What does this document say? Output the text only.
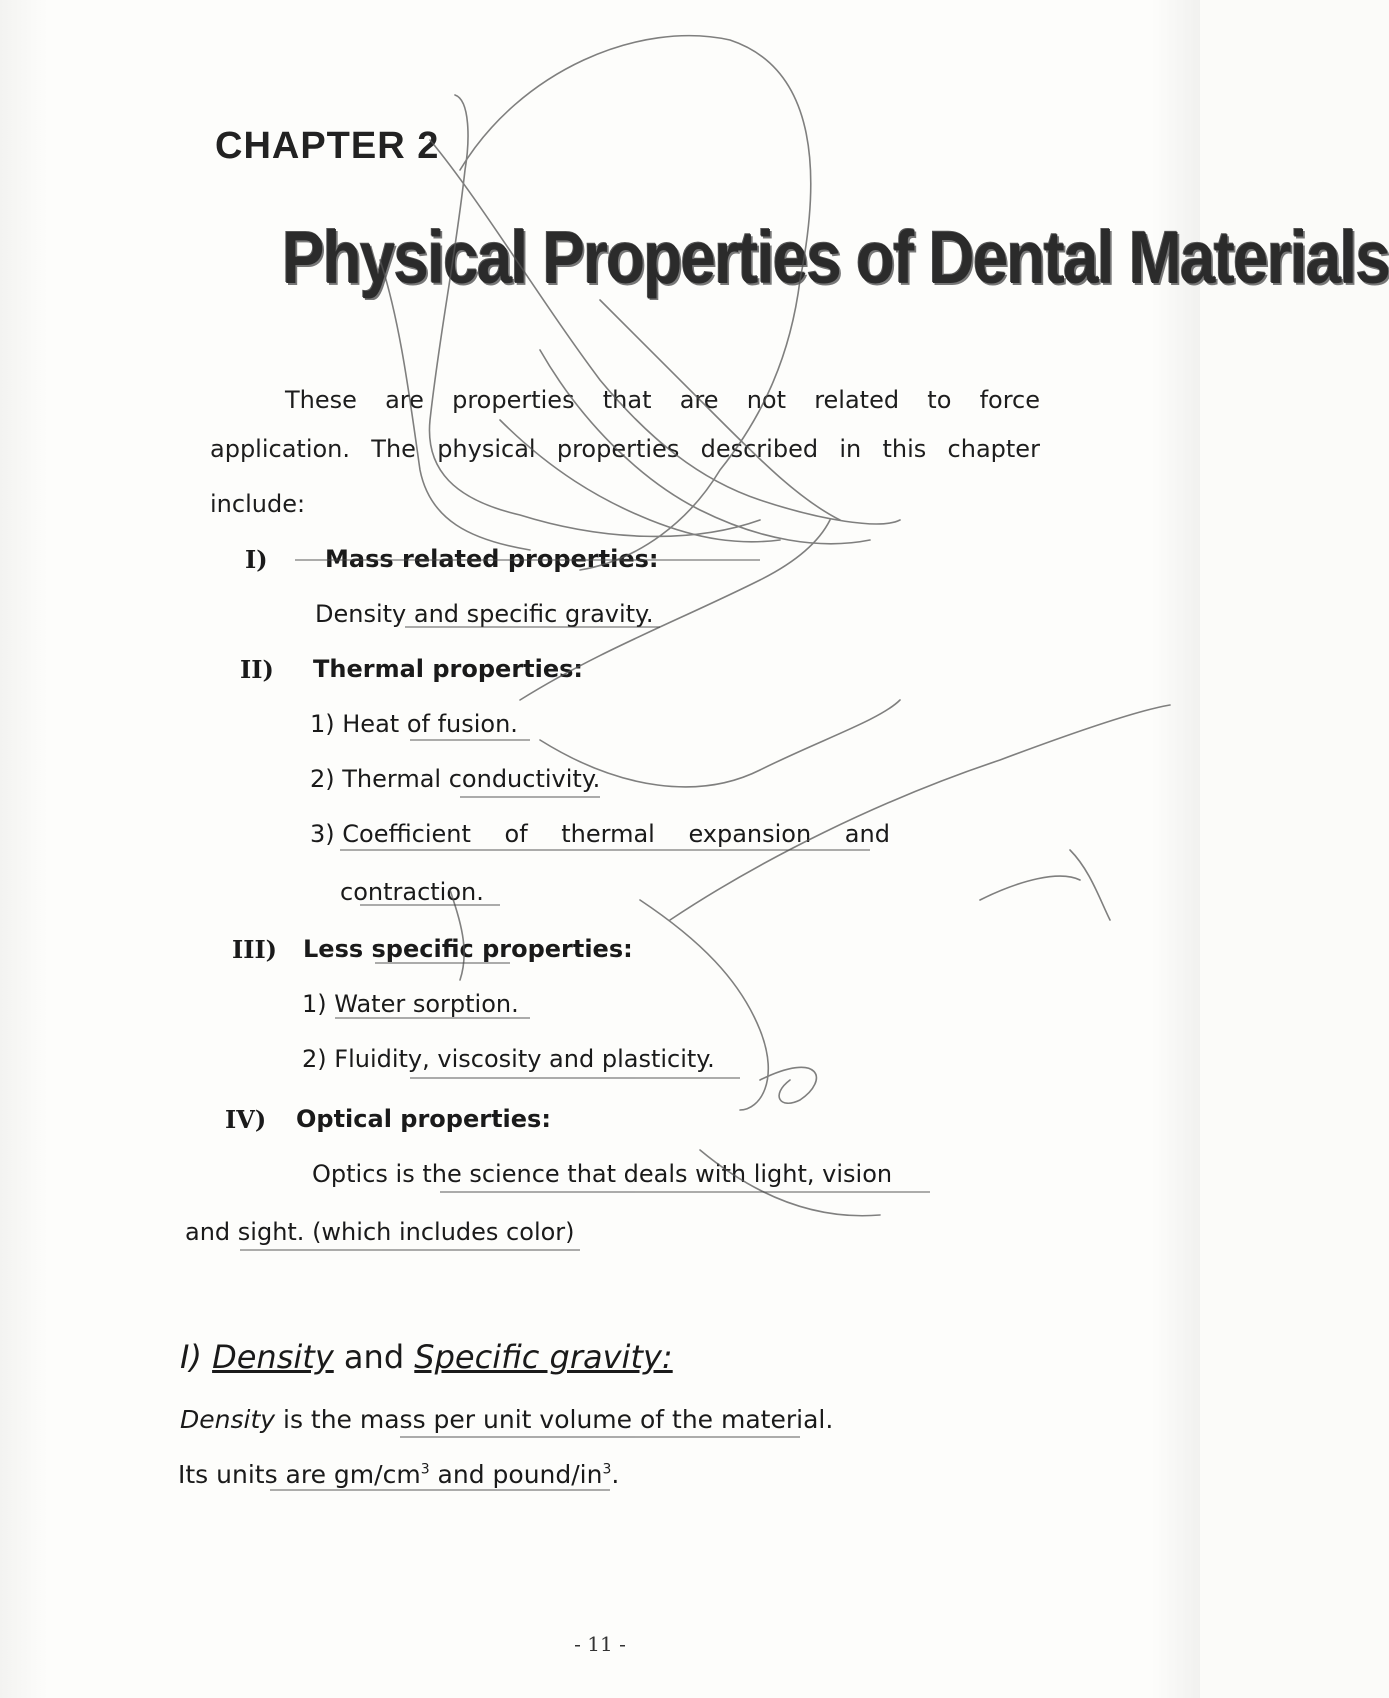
CHAPTER 2
Physical Properties of Dental Materials
These are properties that are not related to force
application. The physical properties described in this chapter
include:
I) Mass related properties:
Density and specific gravity.
II) Thermal properties:
1) Heat of fusion.
2) Thermal conductivity.
3) Coefficient of thermal expansion and
contraction.
III) Less specific properties:
1) Water sorption.
2) Fluidity, viscosity and plasticity.
IV) Optical properties:
Optics is the science that deals with light, vision
and sight. (which includes color)
I) Density and Specific gravity:
Density is the mass per unit volume of the material.
Its units are $gm/cm^3$ and pound/$in^3$.
- 11 -
